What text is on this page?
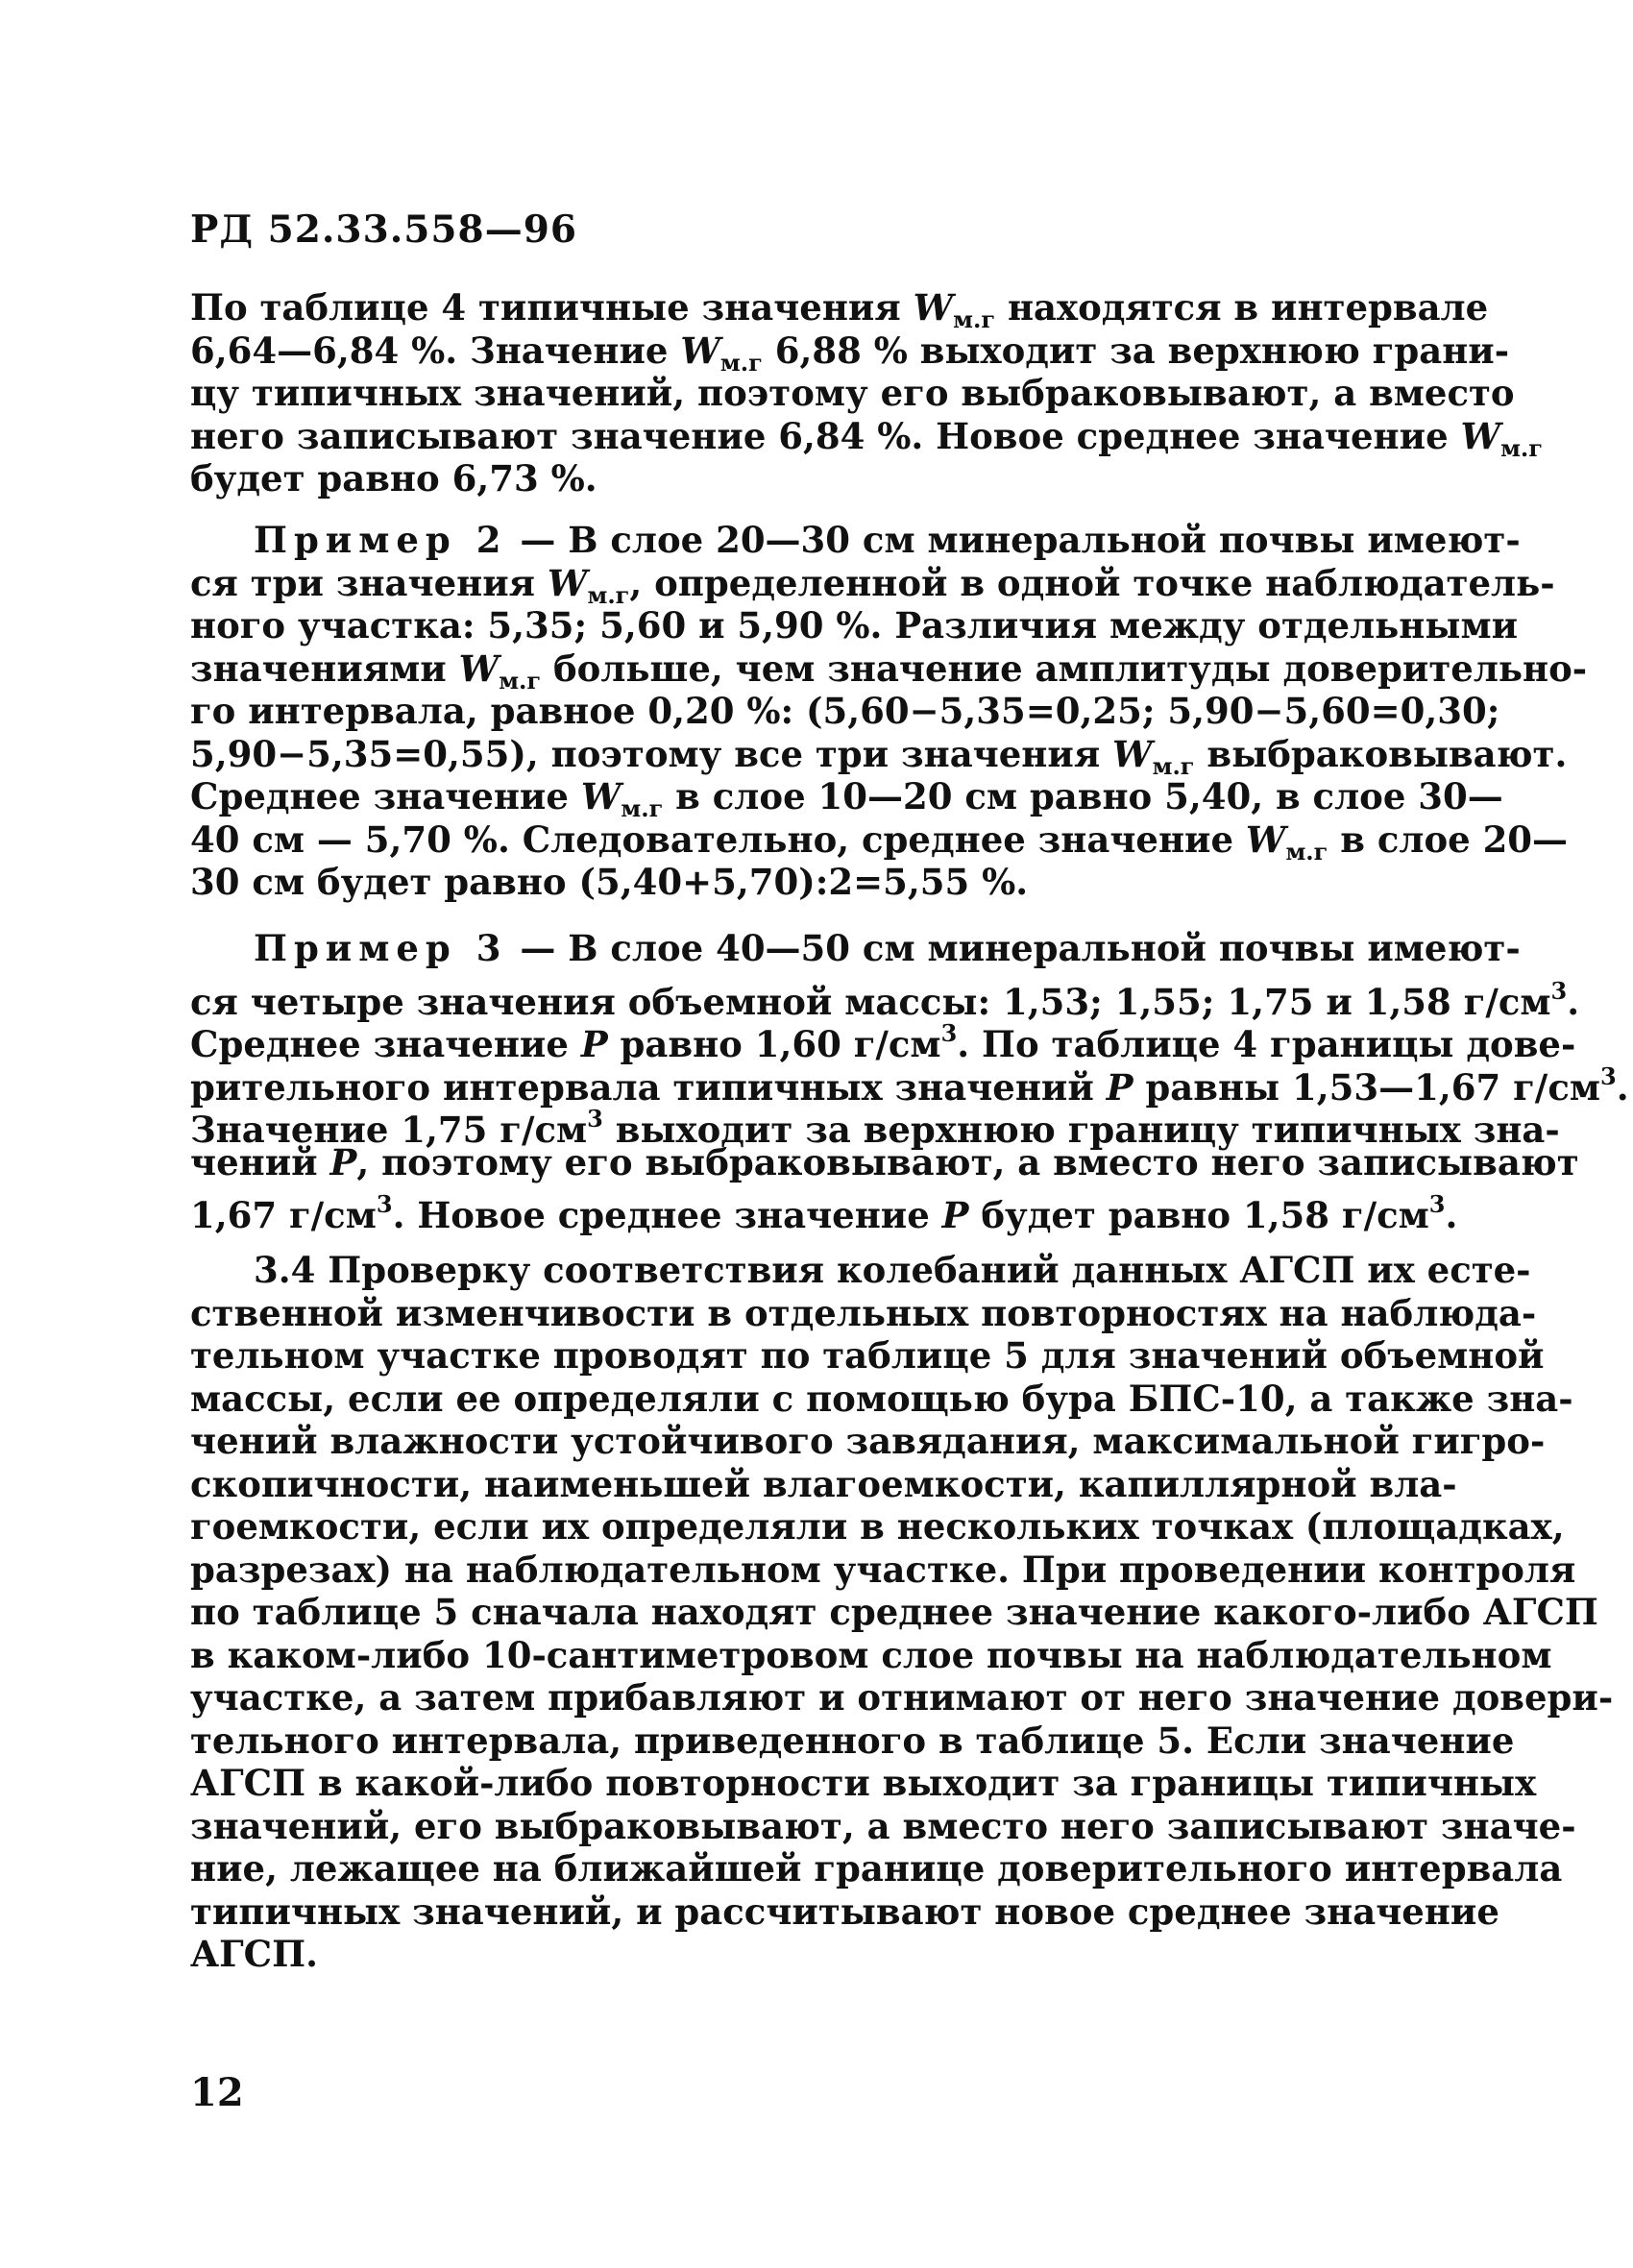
РД 52.33.558—96

По таблице 4 типичные значения $W_{м.г}$ находятся в интервале
6,64—6,84 %. Значение $W_{м.г}$ 6,88 % выходит за верхнюю грани-
цу типичных значений, поэтому его выбраковывают, а вместо
него записывают значение 6,84 %. Новое среднее значение $W_{м.г}$
будет равно 6,73 %.
Пример 2 — В слое 20—30 см минеральной почвы имеют-
ся три значения $W_{м.г}$, определенной в одной точке наблюдатель-
ного участка: 5,35; 5,60 и 5,90 %. Различия между отдельными
значениями $W_{м.г}$ больше, чем значение амплитуды доверительно-
го интервала, равное 0,20 %: (5,60−5,35=0,25; 5,90−5,60=0,30;
5,90−5,35=0,55), поэтому все три значения $W_{м.г}$ выбраковывают.
Среднее значение $W_{м.г}$ в слое 10—20 см равно 5,40, в слое 30—
40 см — 5,70 %. Следовательно, среднее значение $W_{м.г}$ в слое 20—
30 см будет равно (5,40+5,70):2=5,55 %.
Пример 3 — В слое 40—50 см минеральной почвы имеют-
ся четыре значения объемной массы: 1,53; 1,55; 1,75 и 1,58 $г/см^3$.
Среднее значение P равно 1,60 $г/см^3$. По таблице 4 границы дове-
рительного интервала типичных значений P равны 1,53—1,67 $г/см^3$.
Значение 1,75 $г/см^3$ выходит за верхнюю границу типичных зна-
чений P, поэтому его выбраковывают, а вместо него записывают
1,67 $г/см^3$. Новое среднее значение P будет равно 1,58 $г/см^3$.
3.4 Проверку соответствия колебаний данных АГСП их есте-
ственной изменчивости в отдельных повторностях на наблюда-
тельном участке проводят по таблице 5 для значений объемной
массы, если ее определяли с помощью бура БПС-10, а также зна-
чений влажности устойчивого завядания, максимальной гигро-
скопичности, наименьшей влагоемкости, капиллярной вла-
гоемкости, если их определяли в нескольких точках (площадках,
разрезах) на наблюдательном участке. При проведении контроля
по таблице 5 сначала находят среднее значение какого-либо АГСП
в каком-либо 10-сантиметровом слое почвы на наблюдательном
участке, а затем прибавляют и отнимают от него значение довери-
тельного интервала, приведенного в таблице 5. Если значение
АГСП в какой-либо повторности выходит за границы типичных
значений, его выбраковывают, а вместо него записывают значе-
ние, лежащее на ближайшей границе доверительного интервала
типичных значений, и рассчитывают новое среднее значение
АГСП.

12
